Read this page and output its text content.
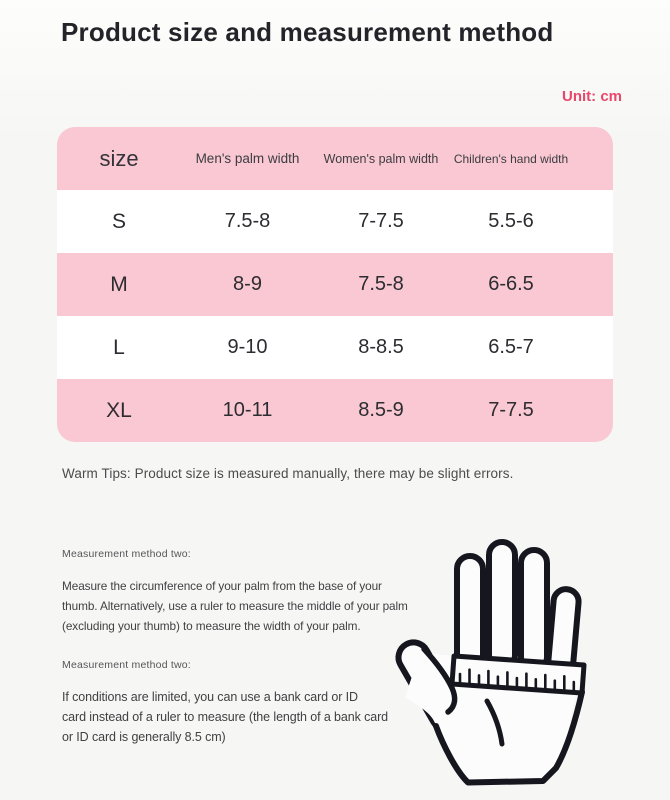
Product size and measurement method
Unit: cm
size	Men's palm width	Women's palm width	Children's hand width
S	7.5-8	7-7.5	5.5-6
M	8-9	7.5-8	6-6.5
L	9-10	8-8.5	6.5-7
XL	10-11	8.5-9	7-7.5
Warm Tips: Product size is measured manually, there may be slight errors.
Measurement method two:
Measure the circumference of your palm from the base of your
thumb. Alternatively, use a ruler to measure the middle of your palm
(excluding your thumb) to measure the width of your palm.
Measurement method two:
If conditions are limited, you can use a bank card or ID
card instead of a ruler to measure (the length of a bank card
or ID card is generally 8.5 cm)
